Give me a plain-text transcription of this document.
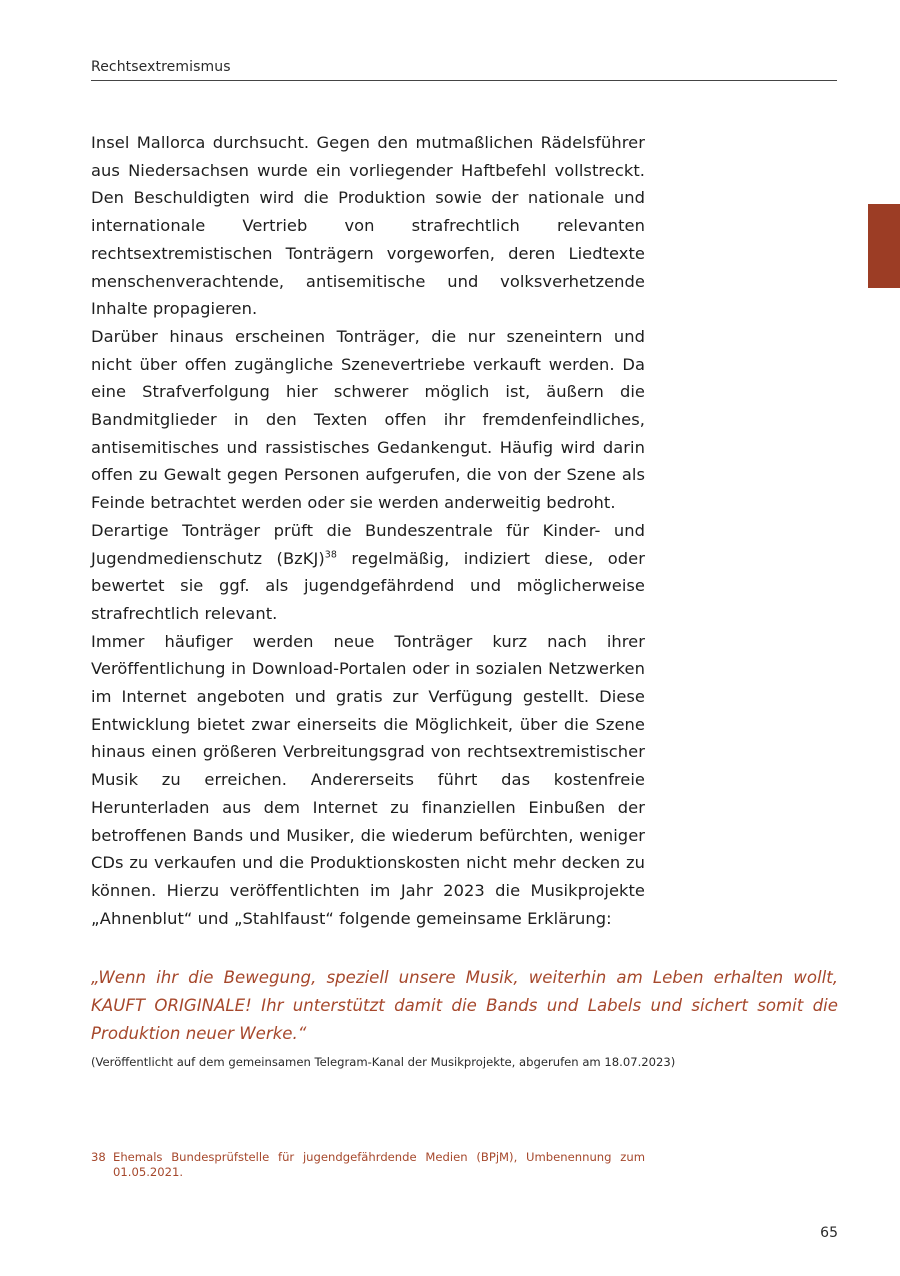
Rechtsextremismus

Insel Mallorca durchsucht. Gegen den mutmaßlichen Rädelsführer aus Niedersachsen wurde ein vorliegender Haftbefehl vollstreckt. Den Beschuldigten wird die Produktion sowie der nationale und internationale Vertrieb von strafrechtlich relevanten rechtsextremistischen Tonträgern vorgeworfen, deren Liedtexte menschenverachtende, antisemitische und volksverhetzende Inhalte propagieren.

Darüber hinaus erscheinen Tonträger, die nur szeneintern und nicht über offen zugängliche Szenevertriebe verkauft werden. Da eine Strafverfolgung hier schwerer möglich ist, äußern die Bandmitglieder in den Texten offen ihr fremdenfeindliches, antisemitisches und rassistisches Gedankengut. Häufig wird darin offen zu Gewalt gegen Personen aufgerufen, die von der Szene als Feinde betrachtet werden oder sie werden anderweitig bedroht.

Derartige Tonträger prüft die Bundeszentrale für Kinder- und Jugendmedienschutz (BzKJ)$^{38}$ regelmäßig, indiziert diese, oder bewertet sie ggf. als jugendgefährdend und möglicherweise strafrechtlich relevant.

Immer häufiger werden neue Tonträger kurz nach ihrer Veröffentlichung in Download-Portalen oder in sozialen Netzwerken im Internet angeboten und gratis zur Verfügung gestellt. Diese Entwicklung bietet zwar einerseits die Möglichkeit, über die Szene hinaus einen größeren Verbreitungsgrad von rechtsextremistischer Musik zu erreichen. Andererseits führt das kostenfreie Herunterladen aus dem Internet zu finanziellen Einbußen der betroffenen Bands und Musiker, die wiederum befürchten, weniger CDs zu verkaufen und die Produktionskosten nicht mehr decken zu können. Hierzu veröffentlichten im Jahr 2023 die Musikprojekte „Ahnenblut“ und „Stahlfaust“ folgende gemeinsame Erklärung:

„Wenn ihr die Bewegung, speziell unsere Musik, weiterhin am Leben erhalten wollt, KAUFT ORIGINALE! Ihr unterstützt damit die Bands und Labels und sichert somit die Produktion neuer Werke.“

(Veröffentlicht auf dem gemeinsamen Telegram-Kanal der Musikprojekte, abgerufen am 18.07.2023)

38 Ehemals Bundesprüfstelle für jugendgefährdende Medien (BPjM), Umbenennung zum 01.05.2021.
65
